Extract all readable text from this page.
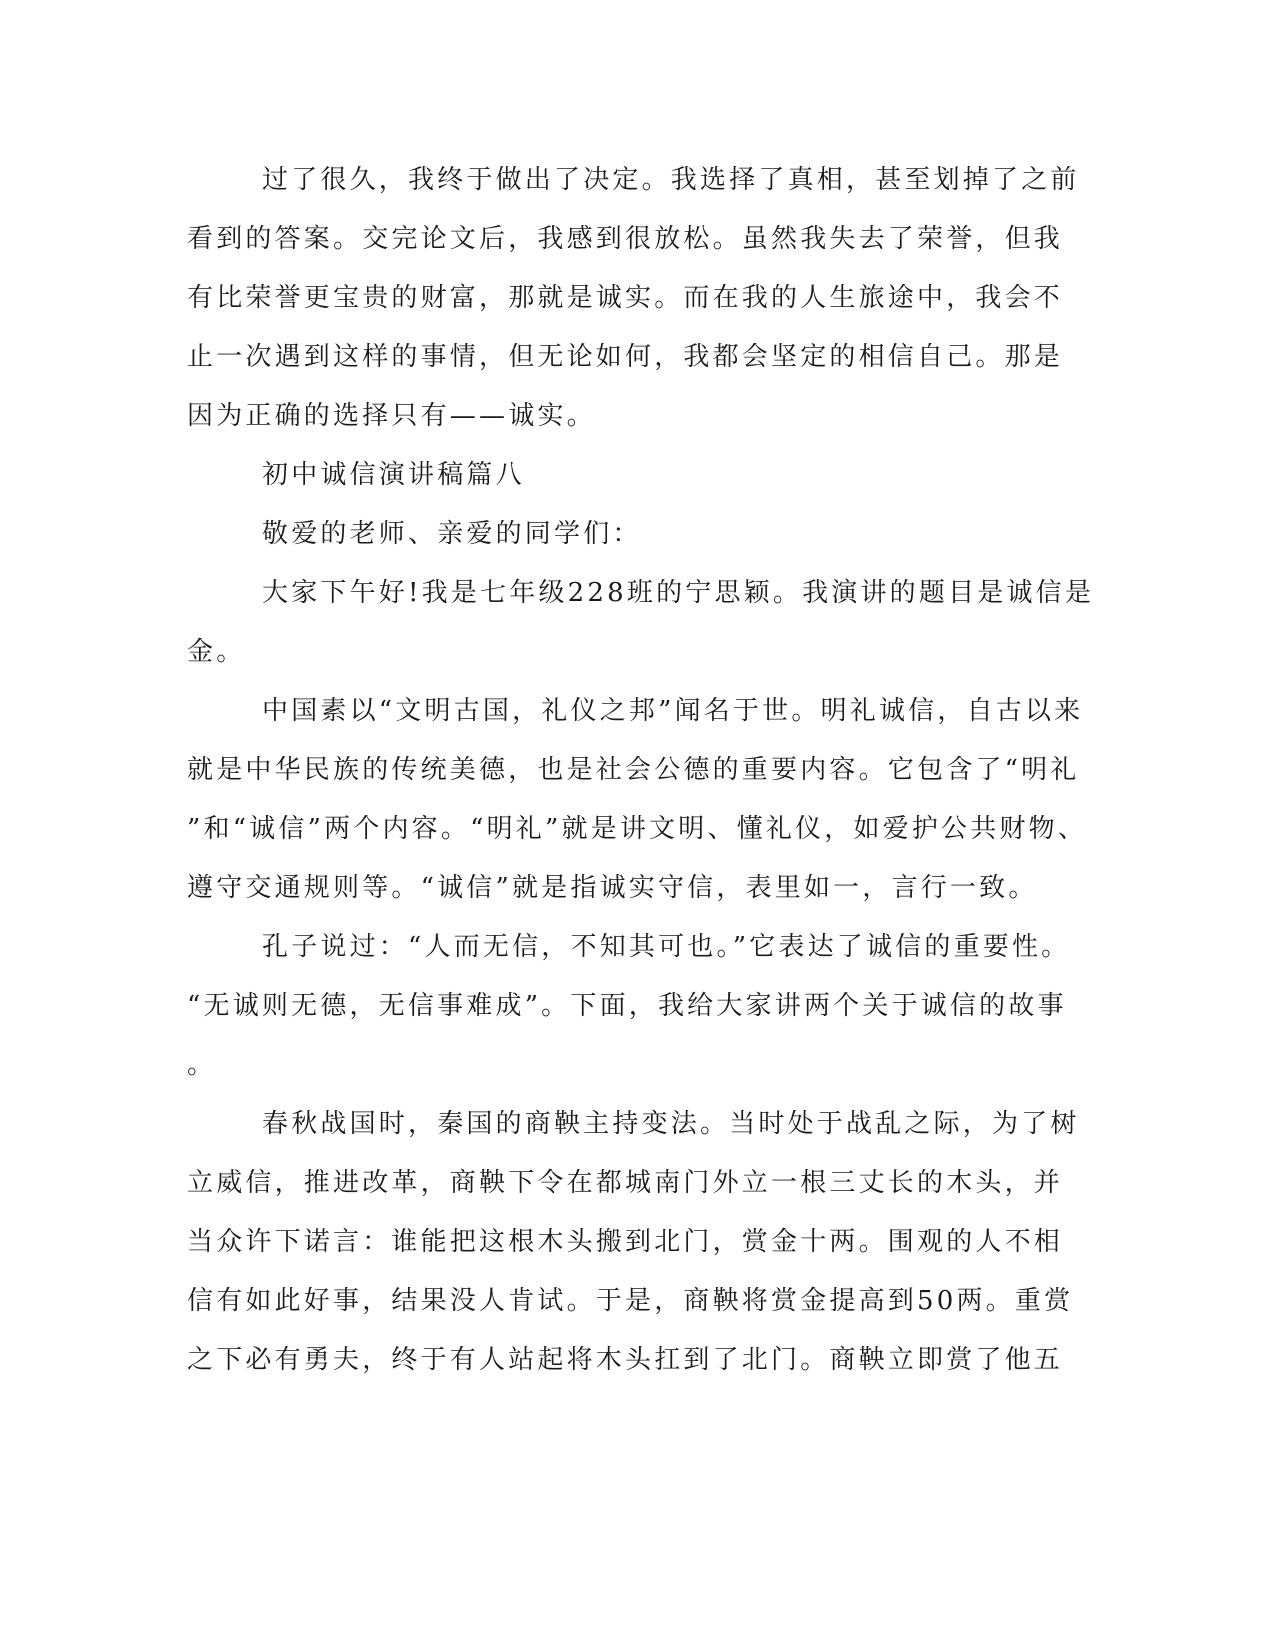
过了很久，我终于做出了决定。我选择了真相，甚至划掉了之前

看到的答案。交完论文后，我感到很放松。虽然我失去了荣誉，但我

有比荣誉更宝贵的财富，那就是诚实。而在我的人生旅途中，我会不

止一次遇到这样的事情，但无论如何，我都会坚定的相信自己。那是

因为正确的选择只有——诚实。

初中诚信演讲稿篇八

敬爱的老师、亲爱的同学们：

大家下午好!我是七年级228班的宁思颖。我演讲的题目是诚信是

金。

中国素以“文明古国，礼仪之邦”闻名于世。明礼诚信，自古以来

就是中华民族的传统美德，也是社会公德的重要内容。它包含了“明礼

”和“诚信”两个内容。“明礼”就是讲文明、懂礼仪，如爱护公共财物、

遵守交通规则等。“诚信”就是指诚实守信，表里如一，言行一致。

孔子说过：“人而无信，不知其可也。”它表达了诚信的重要性。

“无诚则无德，无信事难成”。下面，我给大家讲两个关于诚信的故事

。

春秋战国时，秦国的商鞅主持变法。当时处于战乱之际，为了树

立威信，推进改革，商鞅下令在都城南门外立一根三丈长的木头，并

当众许下诺言：谁能把这根木头搬到北门，赏金十两。围观的人不相

信有如此好事，结果没人肯试。于是，商鞅将赏金提高到50两。重赏

之下必有勇夫，终于有人站起将木头扛到了北门。商鞅立即赏了他五
